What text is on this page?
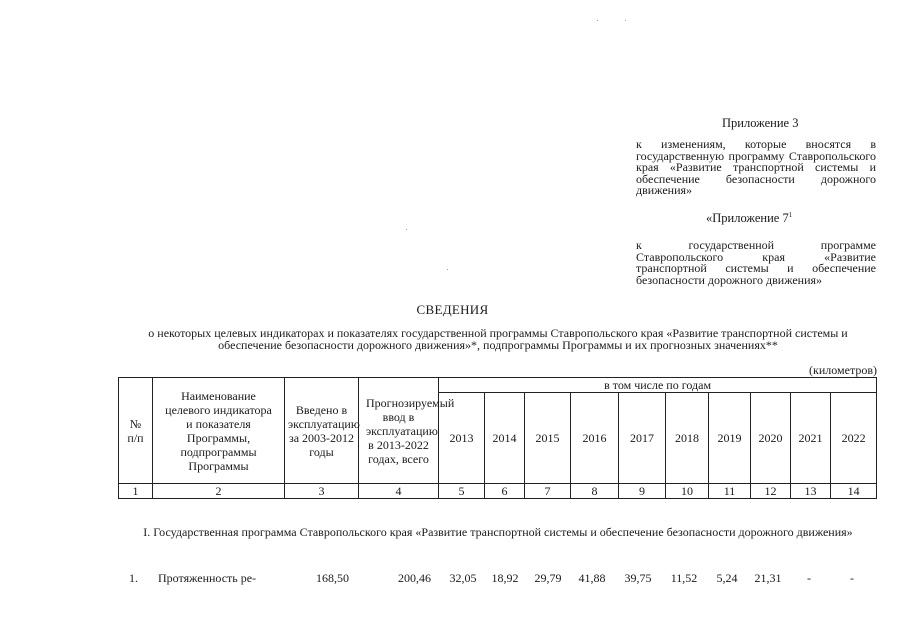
Приложение 3
к изменениям, которые вносятся в государственную программу Ставропольского края «Развитие транспортной системы и обеспечение безопасности дорожного движения»
«Приложение $7^1$
к государственной программе Ставропольского края «Развитие транспортной системы и обеспечение безопасности дорожного движения»
СВЕДЕНИЯ
о некоторых целевых индикаторах и показателях государственной программы Ставропольского края «Развитие транспортной системы и обеспечение безопасности дорожного движения»*, подпрограммы Программы и их прогнозных значениях**
(километров)
№ п/п	Наименование целевого индикатора и показателя Программы, подпрограммы Программы	Введено в эксплуатацию за 2003-2012 годы	Прогнозируемый ввод в эксплуатацию в 2013-2022 годах, всего	в том числе по годам									
				2013	2014	2015	2016	2017	2018	2019	2020	2021	2022
1	2	3	4	5	6	7	8	9	10	11	12	13	14
I. Государственная программа Ставропольского края «Развитие транспортной системы и обеспечение безопасности дорожного движения»
1. Протяженность ре-	168,50	200,46 32,05 18,92 29,79 41,88 39,75 11,52	5,24	21,31	-	-
